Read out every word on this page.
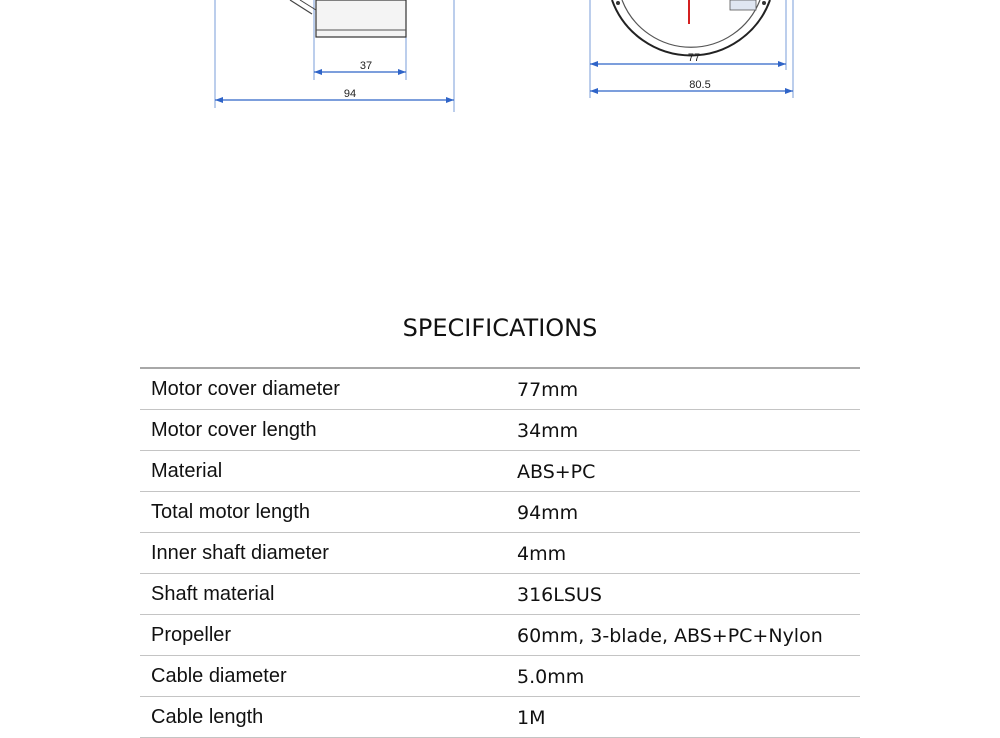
37
94
77
80.5
SPECIFICATIONS
Motor cover diameter	77mm
Motor cover length	34mm
Material	ABS+PC
Total motor length	94mm
Inner shaft diameter	4mm
Shaft material	316LSUS
Propeller	60mm, 3-blade, ABS+PC+Nylon
Cable diameter	5.0mm
Cable length	1M
